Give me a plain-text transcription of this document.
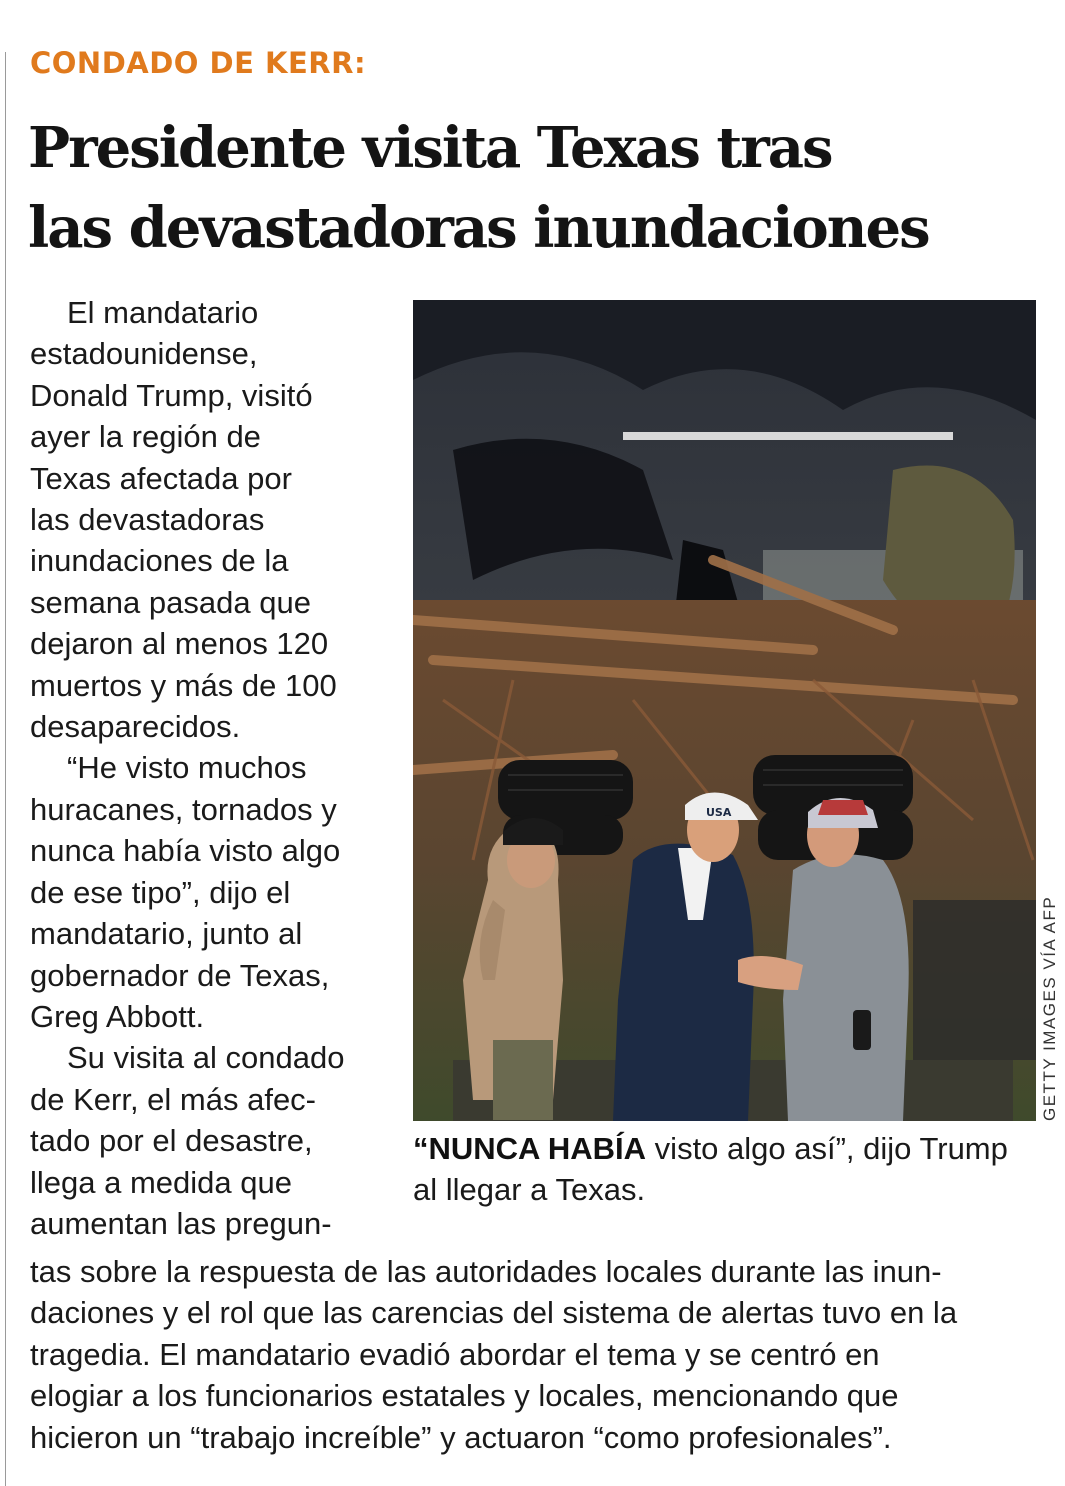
CONDADO DE KERR:
Presidente visita Texas tras
las devastadoras inundaciones
El mandatario
estadounidense,
Donald Trump, visitó
ayer la región de
Texas afectada por
las devastadoras
inundaciones de la
semana pasada que
dejaron al menos 120
muertos y más de 100
desaparecidos.
“He visto muchos
huracanes, tornados y
nunca había visto algo
de ese tipo”, dijo el
mandatario, junto al
gobernador de Texas,
Greg Abbott.
Su visita al condado
de Kerr, el más afec-
tado por el desastre,
llega a medida que
aumentan las pregun-
USA
GETTY IMAGES VÍA AFP
“NUNCA HABÍA visto algo así”, dijo Trump
al llegar a Texas.
tas sobre la respuesta de las autoridades locales durante las inun-
daciones y el rol que las carencias del sistema de alertas tuvo en la
tragedia. El mandatario evadió abordar el tema y se centró en
elogiar a los funcionarios estatales y locales, mencionando que
hicieron un “trabajo increíble” y actuaron “como profesionales”.
